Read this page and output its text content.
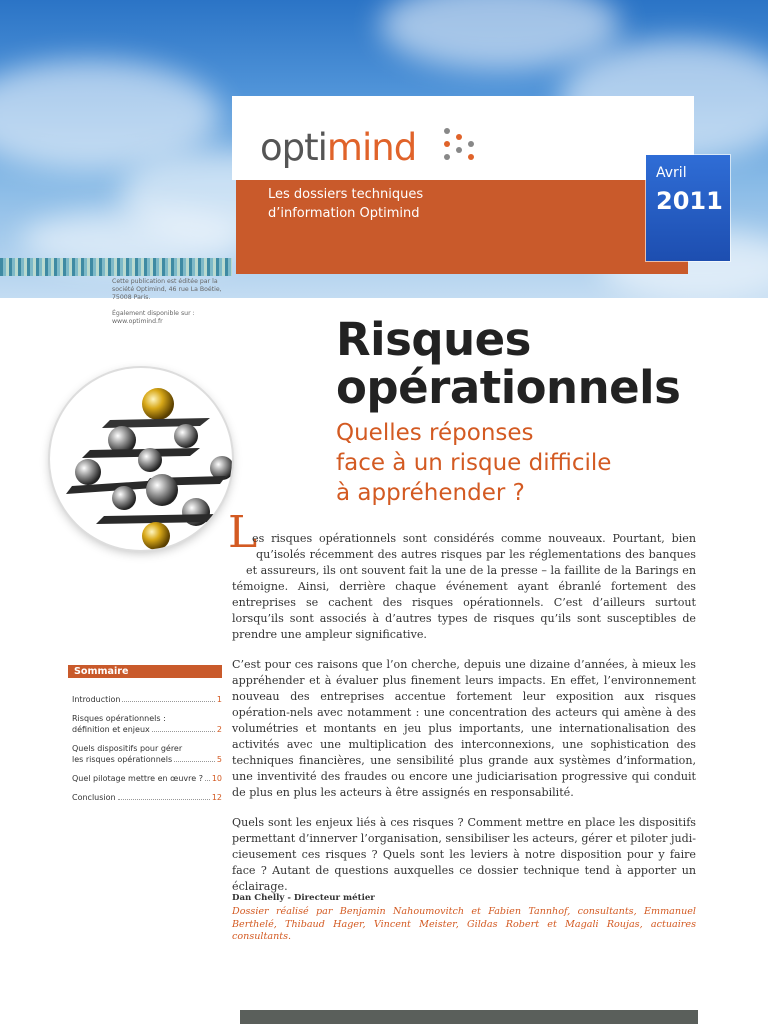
optimind
Les dossiers techniques
d’information Optimind
Avril
2011
Cette publication est éditée par la
société Optimind, 46 rue La Boétie,
75008 Paris.
Également disponible sur :
www.optimind.fr	Risques
opérationnels
Quelles réponses
face à un risque difficile
à appréhender ?
L
es risques opérationnels sont considérés comme nouveaux. Pourtant, bien
qu’isolés récemment des autres risques par les réglementations des banques
et assureurs, ils ont souvent fait la une de la presse – la faillite de la Barings en
témoigne. Ainsi, derrière chaque événement ayant ébranlé fortement des entreprises se cachent des risques opérationnels. C’est d’ailleurs surtout lorsqu’ils sont associés à d’autres types de risques qu’ils sont susceptibles de prendre une ampleur significative.

C’est pour ces raisons que l’on cherche, depuis une dizaine d’années, à mieux les appréhender et à évaluer plus finement leurs impacts. En effet, l’environnement nouveau des entreprises accentue fortement leur exposition aux risques opération-nels avec notamment : une concentration des acteurs qui amène à des volumétries et montants en jeu plus importants, une internationalisation des activités avec une multiplication des interconnexions, une sophistication des techniques financières, une sensibilité plus grande aux systèmes d’information, une inventivité des fraudes ou encore une judiciarisation progressive qui conduit de plus en plus les acteurs à être assignés en responsabilité.

Quels sont les enjeux liés à ces risques ? Comment mettre en place les dispositifs permettant d’innerver l’organisation, sensibiliser les acteurs, gérer et piloter judi-cieusement ces risques ? Quels sont les leviers à notre disposition pour y faire face ? Autant de questions auxquelles ce dossier technique tend à apporter un éclairage.

Dan Chelly - Directeur métier
Dossier réalisé par Benjamin Nahoumovitch et Fabien Tannhof, consultants, Emmanuel Berthelé, Thibaud Hager, Vincent Meister, Gildas Robert et Magali Roujas, actuaires consultants.
Sommaire
Introduction	1
Risques opérationnels :
définition et enjeux	2
Quels dispositifs pour gérer
les risques opérationnels	5
Quel pilotage mettre en œuvre ? 10
Conclusion	12
